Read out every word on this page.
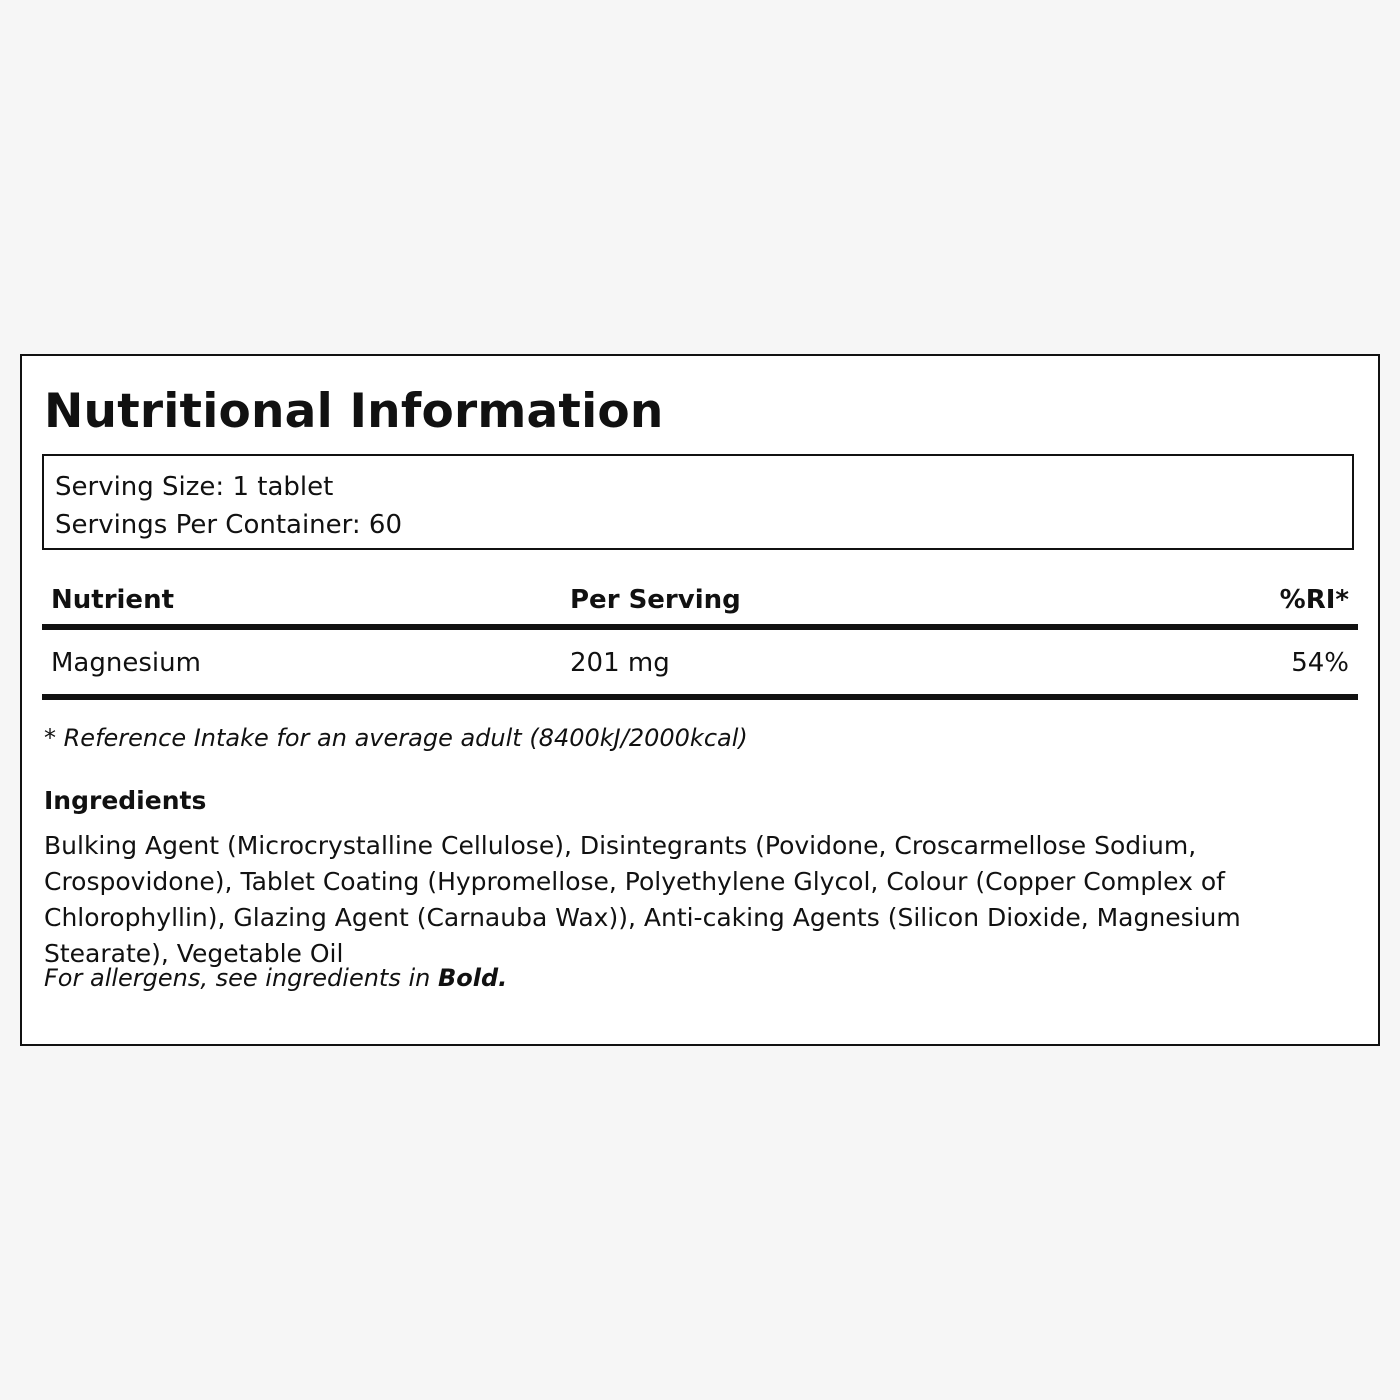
Nutritional Information
Serving Size: 1 tablet
Servings Per Container: 60
Nutrient	Per Serving	%RI*
Magnesium	201 mg	54%

* Reference Intake for an average adult (8400kJ/2000kcal)

Ingredients

Bulking Agent (Microcrystalline Cellulose), Disintegrants (Povidone, Croscarmellose Sodium, Crospovidone), Tablet Coating (Hypromellose, Polyethylene Glycol, Colour (Copper Complex of Chlorophyllin), Glazing Agent (Carnauba Wax)), Anti-caking Agents (Silicon Dioxide, Magnesium Stearate), Vegetable Oil

For allergens, see ingredients in Bold.
